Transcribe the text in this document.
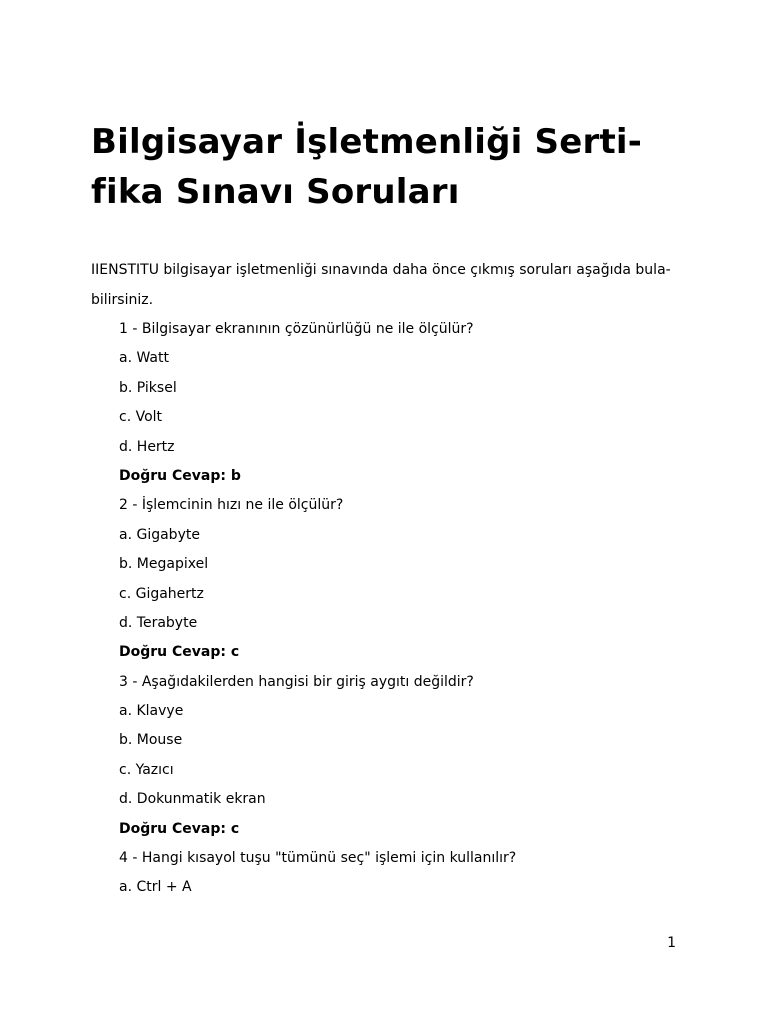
Bilgisayar İşletmenliği Serti-
fika Sınavı Soruları
IIENSTITU bilgisayar işletmenliği sınavında daha önce çıkmış soruları aşağıda bula-
bilirsiniz.
1 - Bilgisayar ekranının çözünürlüğü ne ile ölçülür?
a. Watt
b. Piksel
c. Volt
d. Hertz
Doğru Cevap: b
2 - İşlemcinin hızı ne ile ölçülür?
a. Gigabyte
b. Megapixel
c. Gigahertz
d. Terabyte
Doğru Cevap: c
3 - Aşağıdakilerden hangisi bir giriş aygıtı değildir?
a. Klavye
b. Mouse
c. Yazıcı
d. Dokunmatik ekran
Doğru Cevap: c
4 - Hangi kısayol tuşu "tümünü seç" işlemi için kullanılır?
a. Ctrl + A
1
